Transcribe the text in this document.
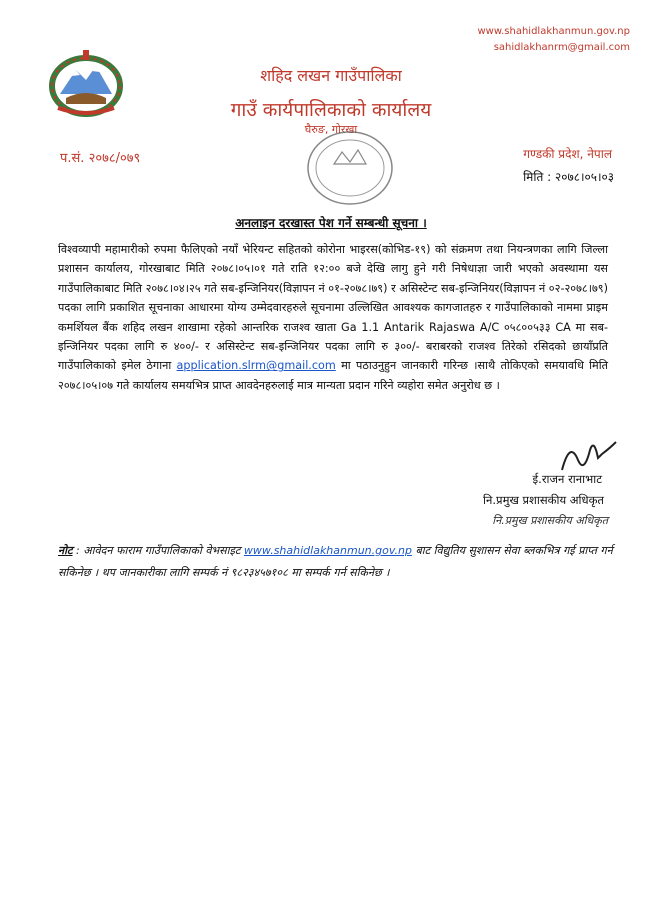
www.shahidlakhanmun.gov.np
sahidlakhanrm@gmail.com
शहिद लखन गाउँपालिका
गाउँ कार्यपालिकाको कार्यालय
घैरुङ, गोरखा
प.सं. २०७८/०७९	गण्डकी प्रदेश, नेपाल
मिति : २०७८।०५।०३
अनलाइन दरखास्त पेश गर्ने सम्बन्धी सूचना ।
विश्वव्यापी महामारीको रुपमा फैलिएको नयाँ भेरियन्ट सहितको कोरोना भाइरस(कोभिड-१९) को संक्रमण तथा नियन्त्रणका लागि जिल्ला प्रशासन कार्यालय, गोरखाबाट मिति २०७८।०५।०१ गते राति १२:०० बजे देखि लागु हुने गरी निषेधाज्ञा जारी भएको अवस्थामा यस गाउँपालिकाबाट मिति २०७८।०४।२५ गते सब-इन्जिनियर(विज्ञापन नं ०१-२०७८।७९) र असिस्टेन्ट सब-इन्जिनियर(विज्ञापन नं ०२-२०७८।७९) पदका लागि प्रकाशित सूचनाका आधारमा योग्य उम्मेदवारहरुले सूचनामा उल्लिखित आवश्यक कागजातहरु र गाउँपालिकाको नाममा प्राइम कमर्शियल बैंक शहिद लखन शाखामा रहेको आन्तरिक राजश्व खाता Ga 1.1 Antarik Rajaswa A/C ०५८००५३३ CA मा सब-इन्जिनियर पदका लागि रु ४००/- र असिस्टेन्ट सब-इन्जिनियर पदका लागि रु ३००/- बराबरको राजश्व तिरेको रसिदको छायाँप्रति गाउँपालिकाको इमेल ठेगाना application.slrm@gmail.com मा पठाउनुहुन जानकारी गरिन्छ ।साथै तोकिएको समयावधि मिति २०७८।०५।०७ गते कार्यालय समयभित्र प्राप्त आवदेनहरुलाई मात्र मान्यता प्रदान गरिने व्यहोरा समेत अनुरोध छ ।
ई.राजन रानाभाट
नि.प्रमुख प्रशासकीय अधिकृत
नि.प्रमुख प्रशासकीय अधिकृत
नोट : आवेदन फाराम गाउँपालिकाको वेभसाइट www.shahidlakhanmun.gov.np बाट विद्युतिय सुशासन सेवा ब्लकभित्र गई प्राप्त गर्न सकिनेछ । थप जानकारीका लागि सम्पर्क नं ९८२३४५७१०८ मा सम्पर्क गर्न सकिनेछ ।
